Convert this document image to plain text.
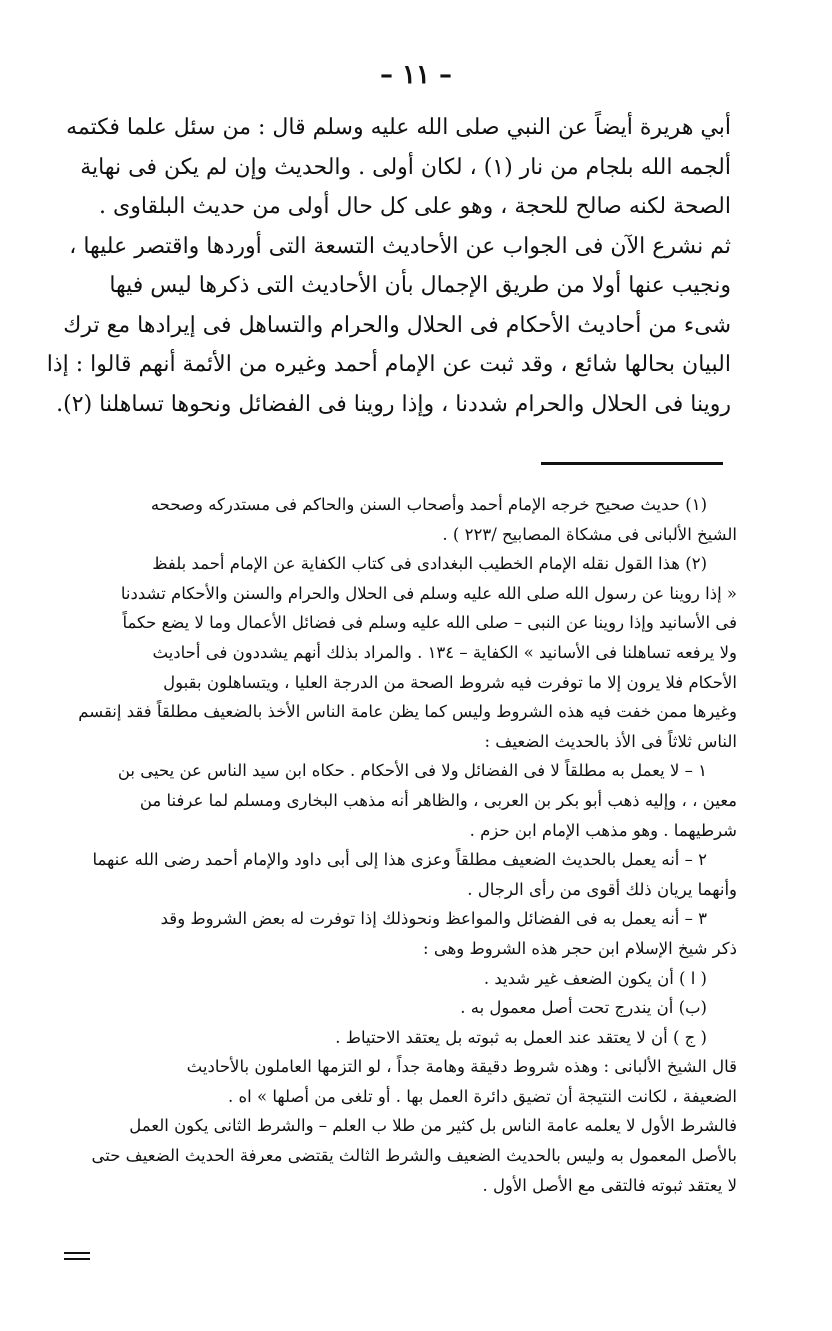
– ١١ –
أبي هريرة أيضاً عن النبي صلى الله عليه وسلم قال : من سئل علما فكتمه
ألجمه الله بلجام من نار (١) ، لكان أولى . والحديث وإن لم يكن فى نهاية
الصحة لكنه صالح للحجة ، وهو على كل حال أولى من حديث البلقاوى .
ثم نشرع الآن فى الجواب عن الأحاديث التسعة التى أوردها واقتصر عليها ،
ونجيب عنها أولا من طريق الإجمال بأن الأحاديث التى ذكرها ليس فيها
شىء من أحاديث الأحكام فى الحلال والحرام والتساهل فى إيرادها مع ترك
البيان بحالها شائع ، وقد ثبت عن الإمام أحمد وغيره من الأئمة أنهم قالوا : إذا
روينا فى الحلال والحرام شددنا ، وإذا روينا فى الفضائل ونحوها تساهلنا (٢).
(١) حديث صحيح خرجه الإمام أحمد وأصحاب السنن والحاكم فى مستدركه وصححه
الشيخ الألبانى فى مشكاة المصابيح /٢٢٣ ) .
(٢) هذا القول نقله الإمام الخطيب البغدادى فى كتاب الكفاية عن الإمام أحمد بلفظ
« إذا روينا عن رسول الله صلى الله عليه وسلم فى الحلال والحرام والسنن والأحكام تشددنا
فى الأسانيد وإذا روينا عن النبى – صلى الله عليه وسلم فى فضائل الأعمال وما لا يضع حكماً
ولا يرفعه تساهلنا فى الأسانيد » الكفاية – ١٣٤ . والمراد بذلك أنهم يشددون فى أحاديث
الأحكام فلا يرون إلا ما توفرت فيه شروط الصحة من الدرجة العليا ، ويتساهلون بقبول
وغيرها ممن خفت فيه هذه الشروط وليس كما يظن عامة الناس الأخذ بالضعيف مطلقاً فقد إنقسم
الناس ثلاثاً فى الأذ بالحديث الضعيف :
١ – لا يعمل به مطلقاً لا فى الفضائل ولا فى الأحكام . حكاه ابن سيد الناس عن يحيى بن
معين ، ، وإليه ذهب أبو بكر بن العربى ، والظاهر أنه مذهب البخارى ومسلم لما عرفنا من
شرطيهما . وهو مذهب الإمام ابن حزم .
٢ – أنه يعمل بالحديث الضعيف مطلقاً وعزى هذا إلى أبى داود والإمام أحمد رضى الله عنهما
وأنهما يريان ذلك أقوى من رأى الرجال .
٣ – أنه يعمل به فى الفضائل والمواعظ ونحوذلك إذا توفرت له بعض الشروط وقد
ذكر شيخ الإسلام ابن حجر هذه الشروط وهى :
( ا ) أن يكون الضعف غير شديد .
(ب) أن يندرج تحت أصل معمول به .
( ج ) أن لا يعتقد عند العمل به ثبوته بل يعتقد الاحتياط .
قال الشيخ الألبانى : وهذه شروط دقيقة وهامة جداً ، لو التزمها العاملون بالأحاديث
الضعيفة ، لكانت النتيجة أن تضيق دائرة العمل بها . أو تلغى من أصلها » اه .
فالشرط الأول لا يعلمه عامة الناس بل كثير من طلا ب العلم – والشرط الثانى يكون العمل
بالأصل المعمول به وليس بالحديث الضعيف والشرط الثالث يقتضى معرفة الحديث الضعيف حتى
لا يعتقد ثبوته فالتقى مع الأصل الأول .
